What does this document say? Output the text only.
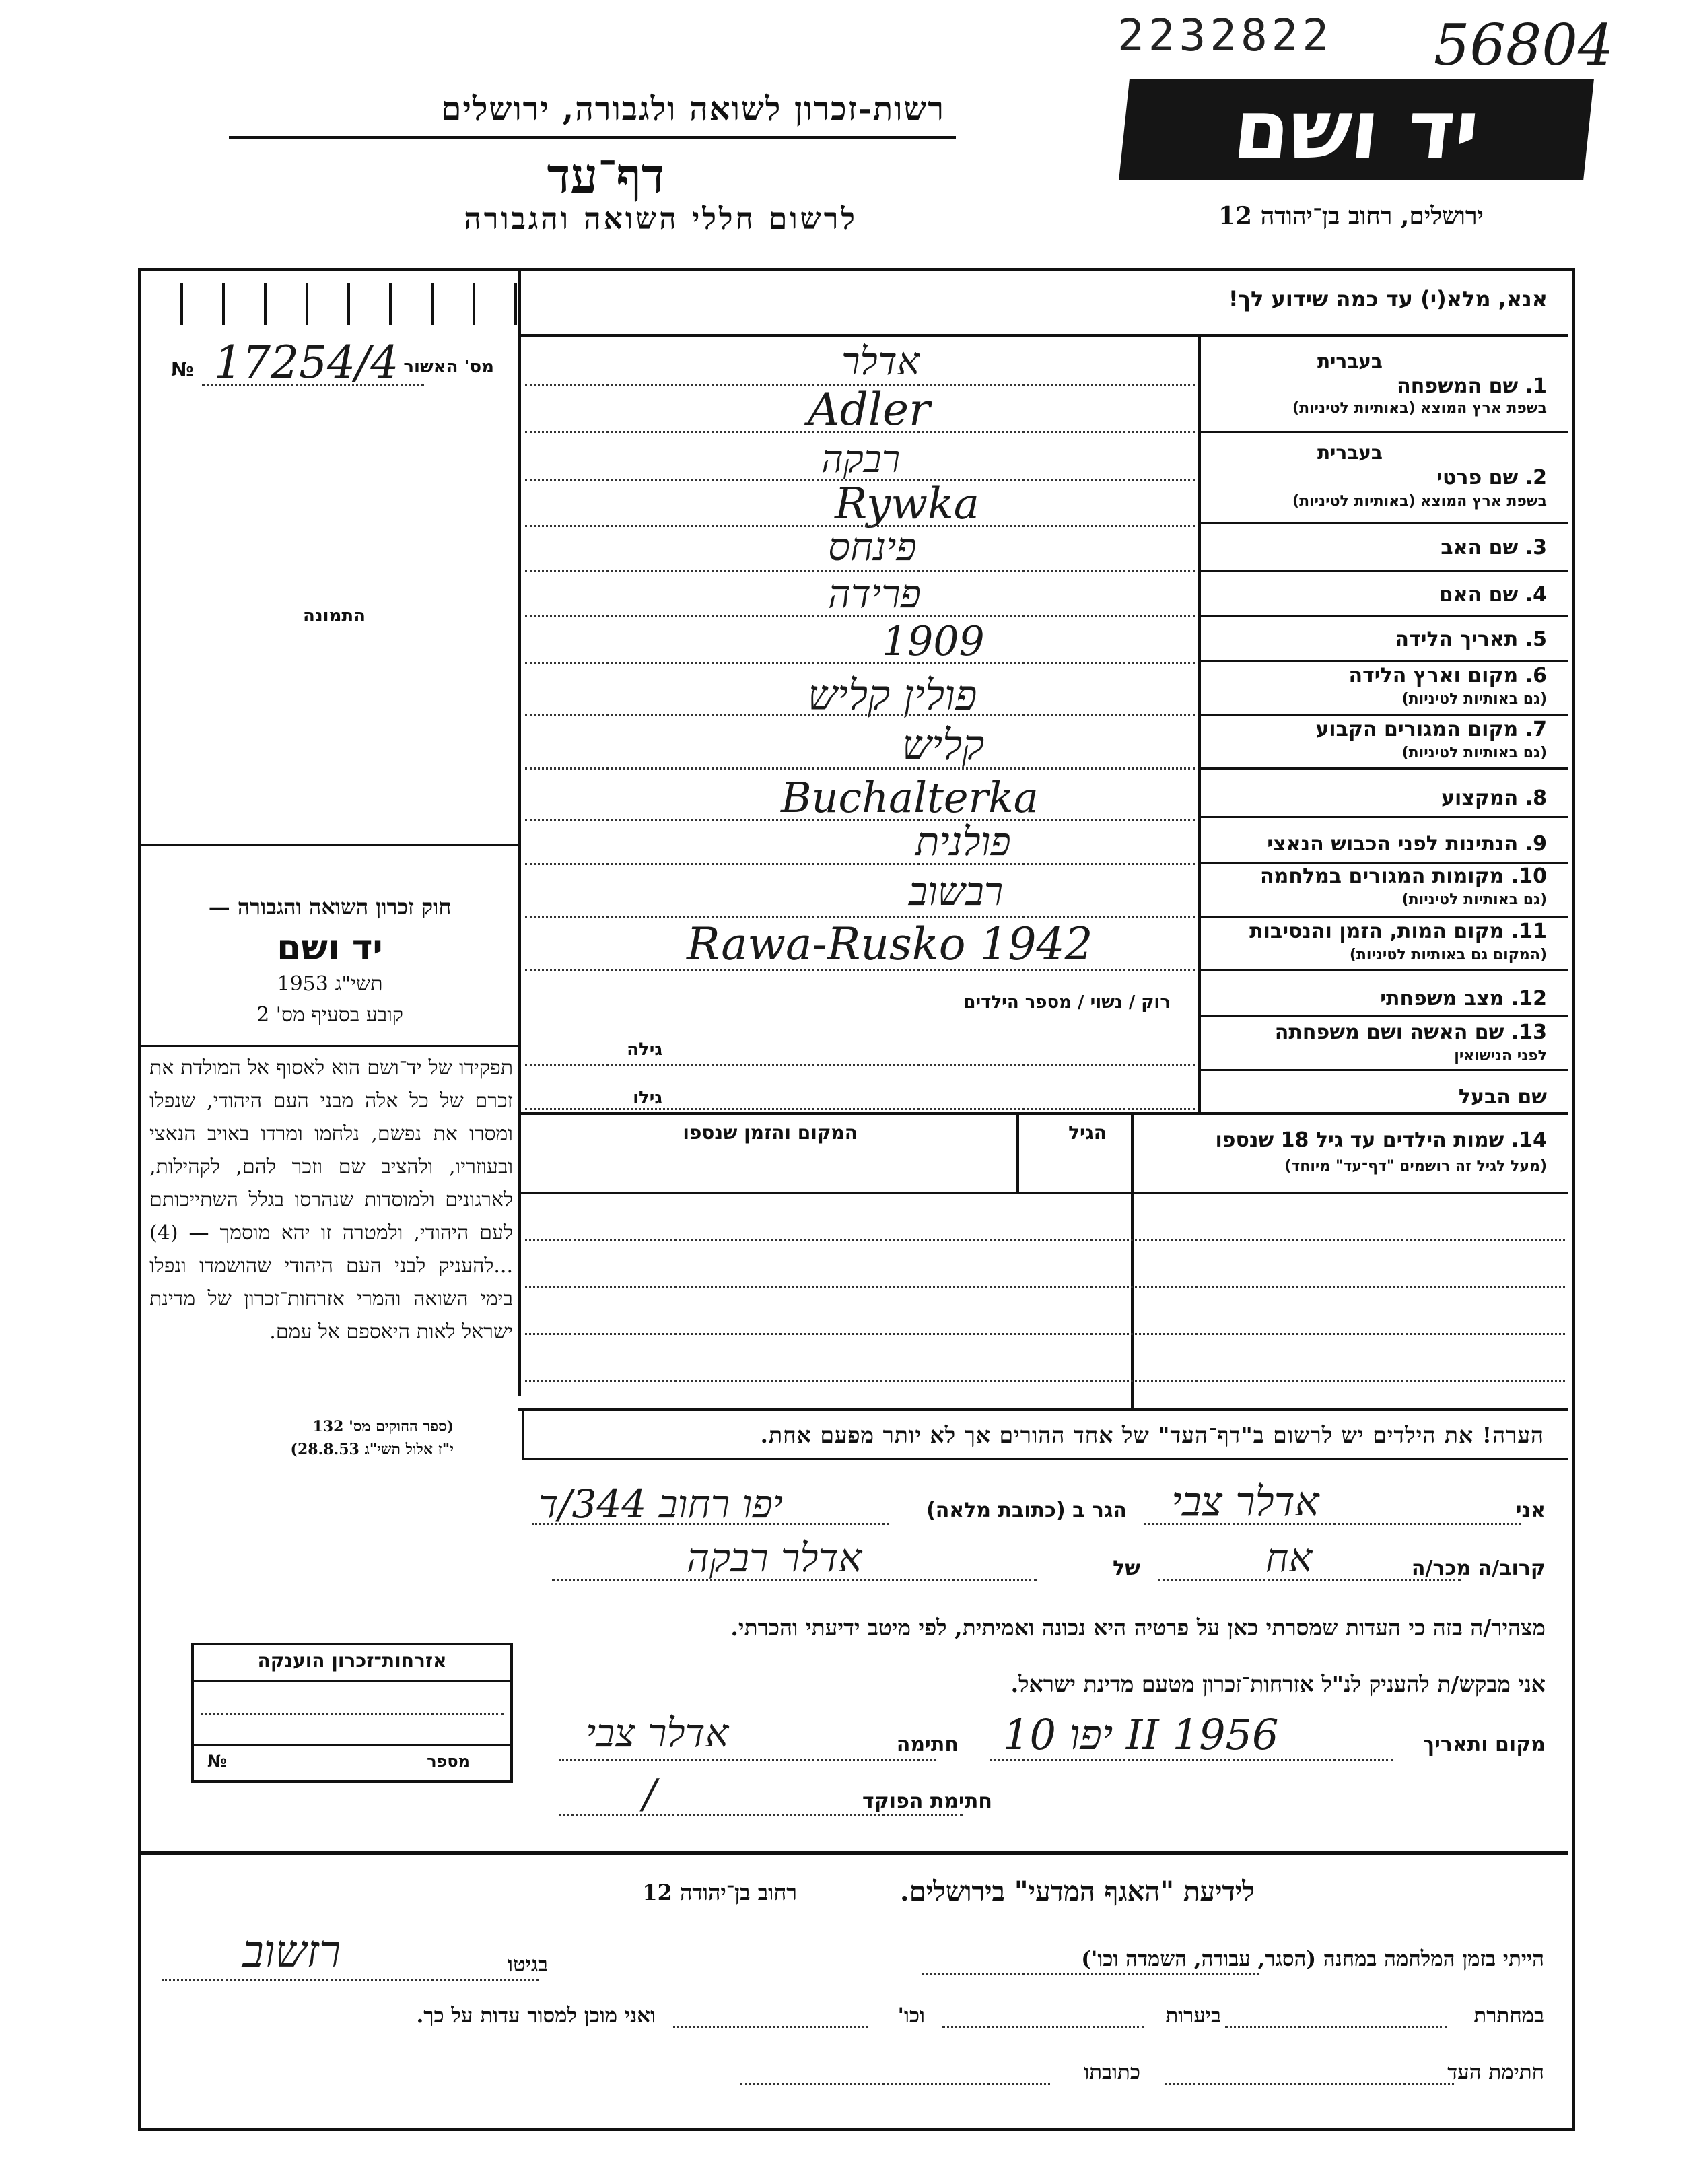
2232822 56804
יד ושם
רשות-זכרון לשואה ולגבורה, ירושלים
דף־עד
לרשום חללי השואה והגבורה	ירושלים, רחוב בן־יהודה 12
אנא, מלא(י) עד כמה שידוע לך!
№ 17254/4 מס' האשור
התמונה
בעברית
1. שם המשפחה
בשפת ארץ המוצא (באותיות לטיניות)
אדלר
Adler
בעברית
2. שם פרטי
בשפת ארץ המוצא (באותיות לטיניות)
רבקה
Rywka
3. שם האב
פינחס
4. שם האם
פרידה
5. תאריך הלידה
1909
6. מקום וארץ הלידה
(גם באותיות לטיניות)
פולין קליש
7. מקום המגורים הקבוע
(גם באותיות לטיניות)
קליש
8. המקצוע
Buchalterka
9. הנתינות לפני הכבוש הנאצי
פולנית
10. מקומות המגורים במלחמה
(גם באותיות לטיניות)
רבשוב
11. מקום המות, הזמן והנסיבות
(המקום גם באותיות לטיניות)
Rawa-Rusko 1942
12. מצב משפחתי
רוק / נשוי / מספר הילדים
13. שם האשה ושם משפחתה
לפני הנישואין
גילה
שם הבעל
גילו
14. שמות הילדים עד גיל 18 שנספו
(מעל לגיל זה רושמים "דף־עד" מיוחד)
הגיל
המקום והזמן שנספו
חוק זכרון השואה והגבורה —
יד ושם
תשי"ג 1953
קובע בסעיף מס' 2
תפקידו של יד־ושם הוא לאסוף אל המולדת את זכרם של כל אלה מבני העם היהודי, שנפלו ומסרו את נפשם, נלחמו ומרדו באויב הנאצי ובעוזריו, ולהציב שם וזכר להם, לקהילות, לארגונים ולמוסדות שנהרסו בגלל השתייכותם לעם היהודי, ולמטרה זו יהא מוסמך — (4) ...להעניק לבני העם היהודי שהושמדו ונפלו בימי השואה והמרי אזרחות־זכרון של מדינת ישראל לאות היאספם אל עמם.
(ספר החוקים מס' 132
י"ז אלול תשי"ג 28.8.53)
הערה! את הילדים יש לרשום ב"דף־העד" של אחד ההורים אך לא יותר מפעם אחת.
אני
אדלר צבי
הגר ב (כתובת מלאה)
יפו רחוב 344/ד
קרוב/ה מכר/ה
אח
של
אדלר רבקה
מצהיר/ה בזה כי העדות שמסרתי כאן על פרטיה היא נכונה ואמיתית, לפי מיטב ידיעתי והכרתי.
אני מבקש/ת להעניק לנ"ל אזרחות־זכרון מטעם מדינת ישראל.
מקום ותאריך
יפו 10 II 1956
חתימה
אדלר צבי
חתימת הפוקד
/
אזרחות־זכרון הוענקה
№	מספר
לידיעת "האגף המדעי" בירושלים.
רחוב בן־יהודה 12
הייתי בזמן המלחמה במחנה (הסגר, עבודה, השמדה וכו')
בגיטו
רזשוב
במחתרת
ביערות
וכו'
ואני מוכן למסור עדות על כך.
חתימת העד
כתובתו
